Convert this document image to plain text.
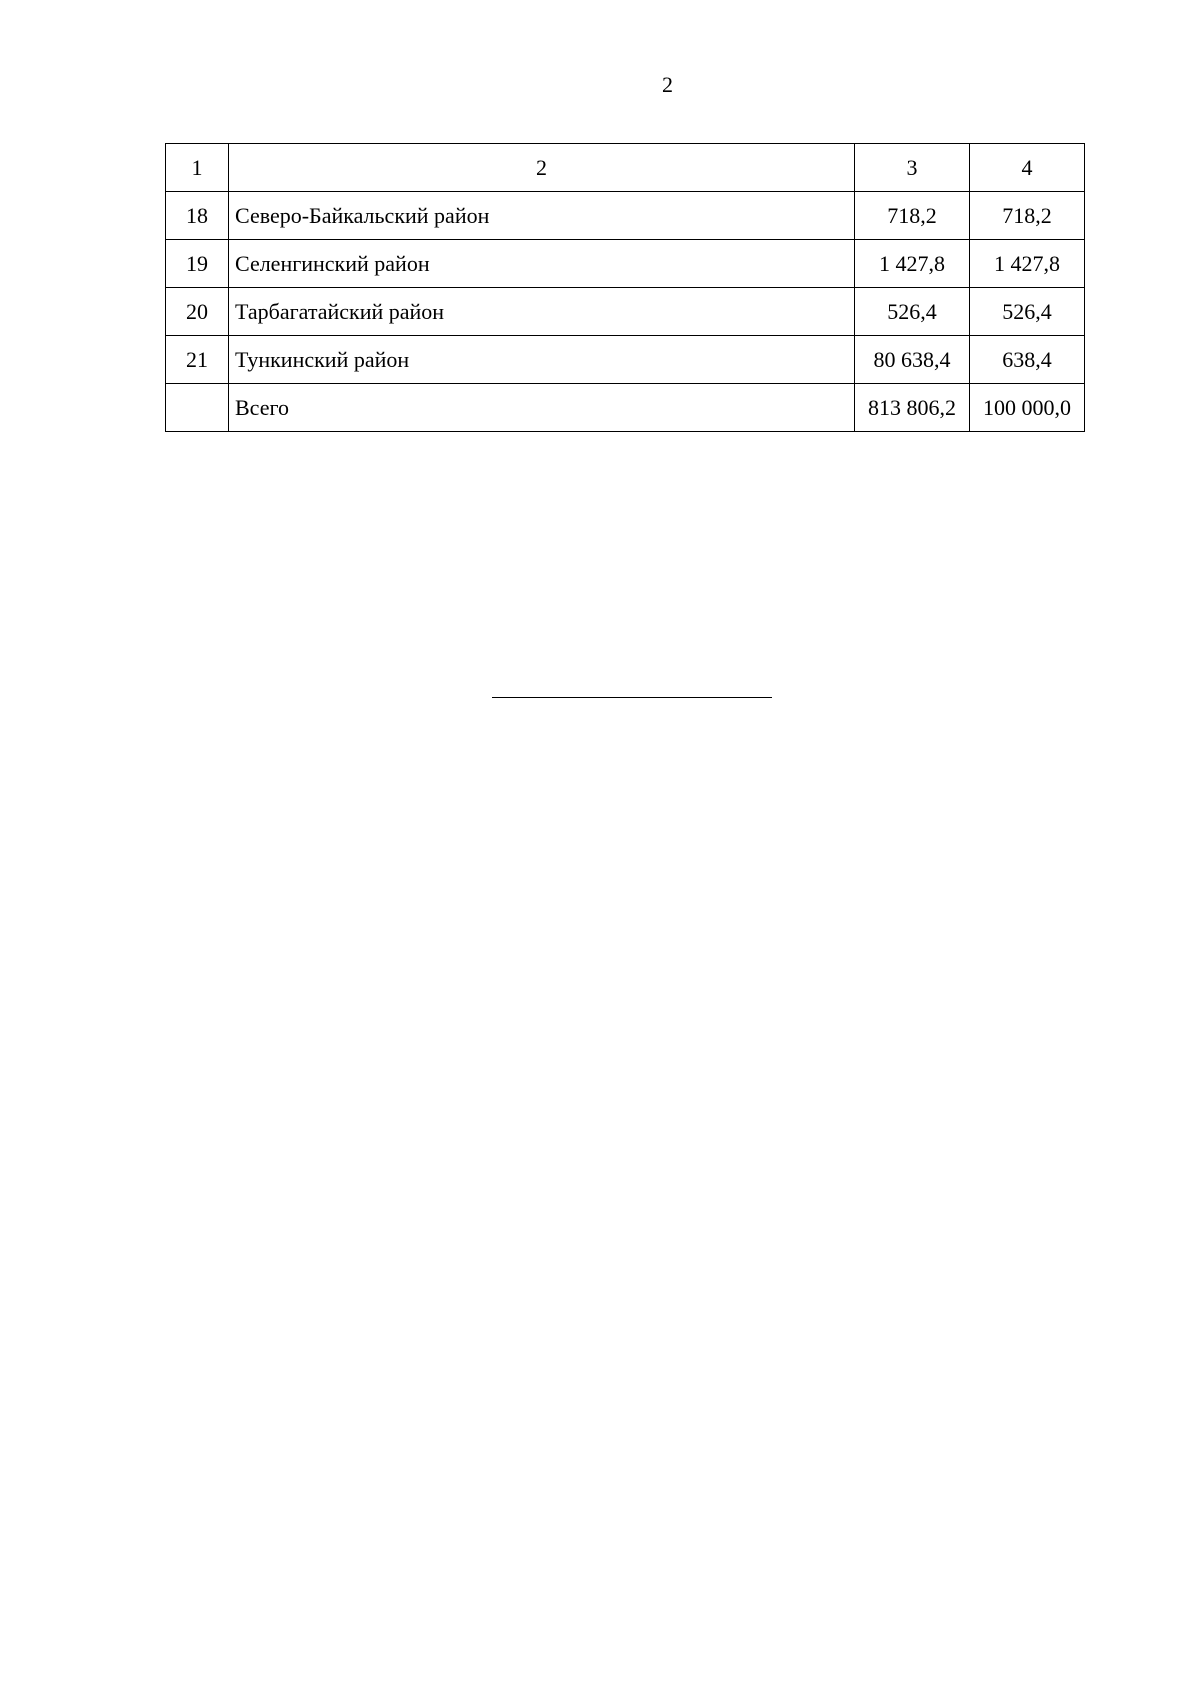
2
1	2	3	4
18	Северо-Байкальский район	718,2	718,2
19	Селенгинский район	1 427,8	1 427,8
20	Тарбагатайский район	526,4	526,4
21	Тункинский район	80 638,4	638,4
	Всего	813 806,2	100 000,0
